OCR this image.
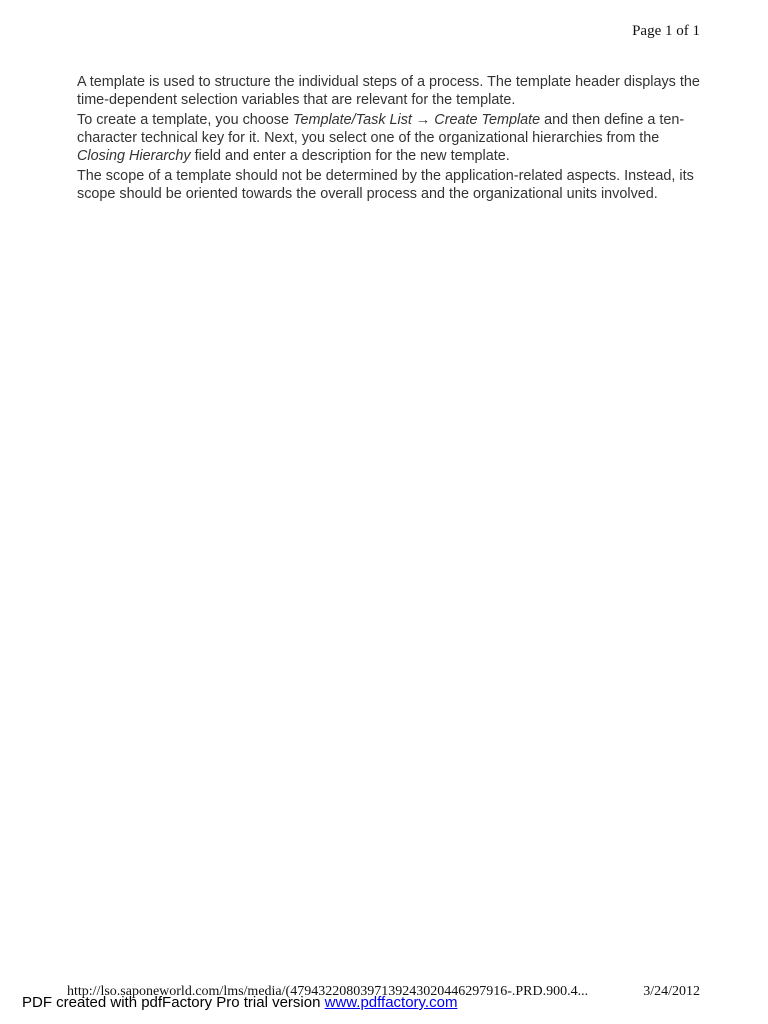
Page 1 of 1

A template is used to structure the individual steps of a process. The template header displays the time-dependent selection variables that are relevant for the template.

To create a template, you choose Template/Task List → Create Template and then define a ten-character technical key for it. Next, you select one of the organizational hierarchies from the Closing Hierarchy field and enter a description for the new template.

The scope of a template should not be determined by the application-related aspects. Instead, its scope should be oriented towards the overall process and the organizational units involved.

http://lso.saponeworld.com/lms/media/(4794322080397139243020446297916-.PRD.900.4...	3/24/2012
PDF created with pdfFactory Pro trial version www.pdffactory.com
